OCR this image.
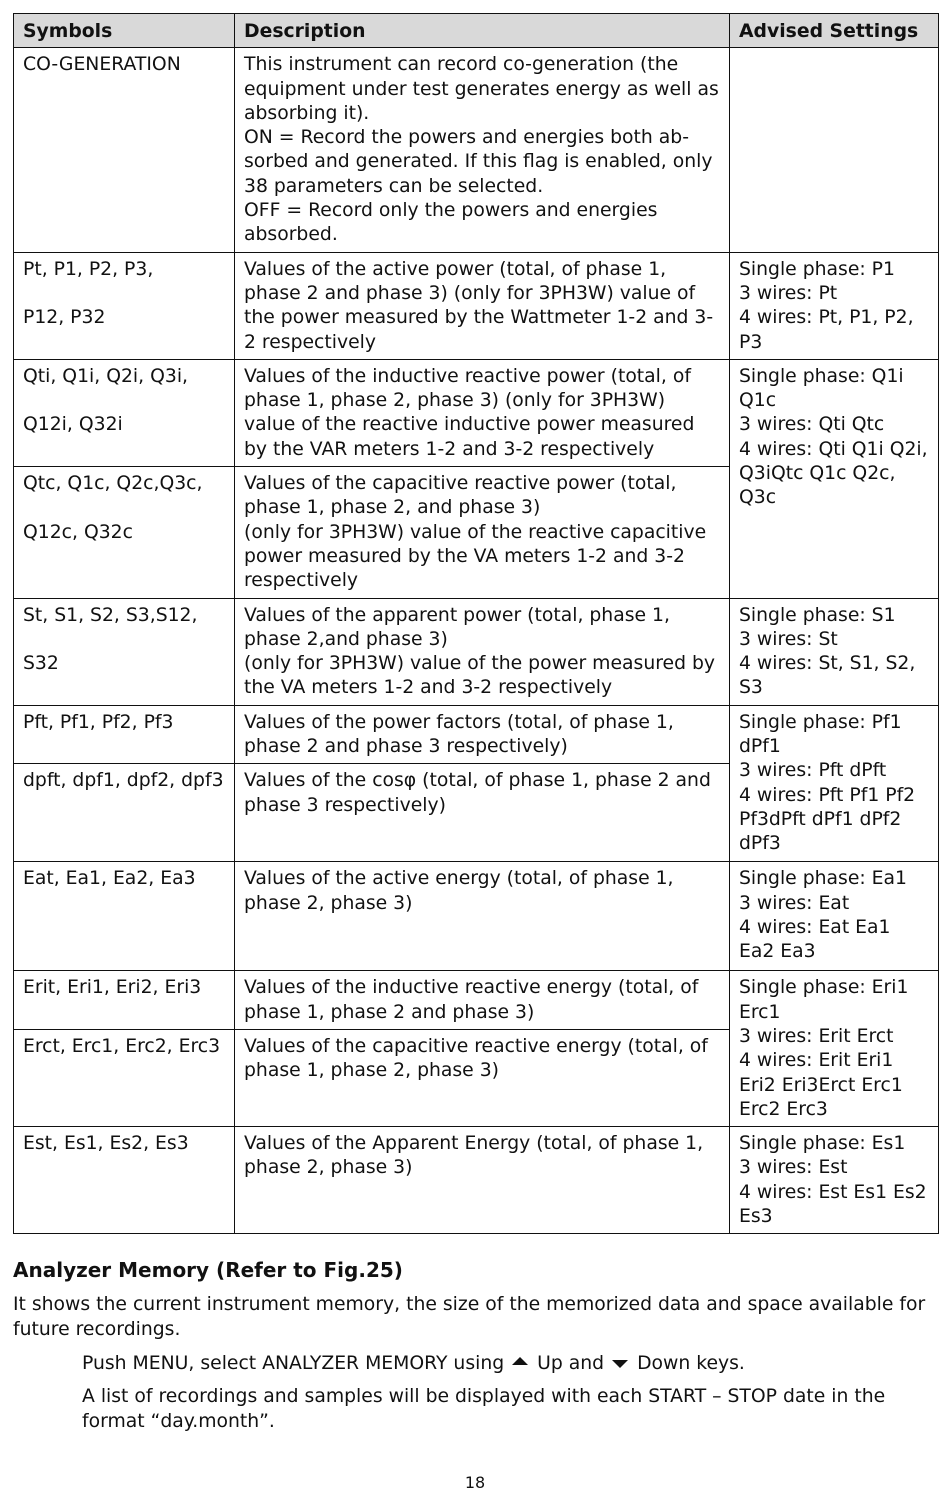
Symbols	Description	Advised Settings
CO-GENERATION	This instrument can record co-generation (the equipment under test generates energy as well as absorbing it).
ON = Record the powers and energies both ab-sorbed and generated. If this flag is enabled, only 38 parameters can be selected.
OFF = Record only the powers and energies absorbed.	
Pt, P1, P2, P3,

P12, P32	Values of the active power (total, of phase 1, phase 2 and phase 3) (only for 3PH3W) value of the power measured by the Wattmeter 1-2 and 3-2 respectively	Single phase: P1
3 wires: Pt
4 wires: Pt, P1, P2, P3
Qti, Q1i, Q2i, Q3i,

Q12i, Q32i	Values of the inductive reactive power (total, of phase 1, phase 2, phase 3) (only for 3PH3W) value of the reactive inductive power measured by the VAR meters 1-2 and 3-2 respectively	Single phase: Q1i Q1c
3 wires: Qti Qtc
4 wires: Qti Q1i Q2i, Q3iQtc Q1c Q2c, Q3c
Qtc, Q1c, Q2c,Q3c,

Q12c, Q32c	Values of the capacitive reactive power (total, phase 1, phase 2, and phase 3)
(only for 3PH3W) value of the reactive capacitive power measured by the VA meters 1-2 and 3-2 respectively	
St, S1, S2, S3,S12,

S32	Values of the apparent power (total, phase 1, phase 2,and phase 3)
(only for 3PH3W) value of the power measured by the VA meters 1-2 and 3-2 respectively	Single phase: S1
3 wires: St
4 wires: St, S1, S2, S3
Pft, Pf1, Pf2, Pf3	Values of the power factors (total, of phase 1, phase 2 and phase 3 respectively)	Single phase: Pf1 dPf1
3 wires: Pft dPft
4 wires: Pft Pf1 Pf2 Pf3dPft dPf1 dPf2 dPf3
dpft, dpf1, dpf2, dpf3	Values of the cosφ (total, of phase 1, phase 2 and phase 3 respectively)	
Eat, Ea1, Ea2, Ea3	Values of the active energy (total, of phase 1, phase 2, phase 3)	Single phase: Ea1
3 wires: Eat
4 wires: Eat Ea1 Ea2 Ea3
Erit, Eri1, Eri2, Eri3	Values of the inductive reactive energy (total, of phase 1, phase 2 and phase 3)	Single phase: Eri1 Erc1
3 wires: Erit Erct
4 wires: Erit Eri1 Eri2 Eri3Erct Erc1 Erc2 Erc3
Erct, Erc1, Erc2, Erc3	Values of the capacitive reactive energy (total, of phase 1, phase 2, phase 3)	
Est, Es1, Es2, Es3	Values of the Apparent Energy (total, of phase 1, phase 2, phase 3)	Single phase: Es1
3 wires: Est
4 wires: Est Es1 Es2 Es3
Analyzer Memory (Refer to Fig.25)
It shows the current instrument memory, the size of the memorized data and space available for future recordings.
Push MENU, select ANALYZER MEMORY using Up and Down keys.
A list of recordings and samples will be displayed with each START – STOP date in the format “day.month”.
18
